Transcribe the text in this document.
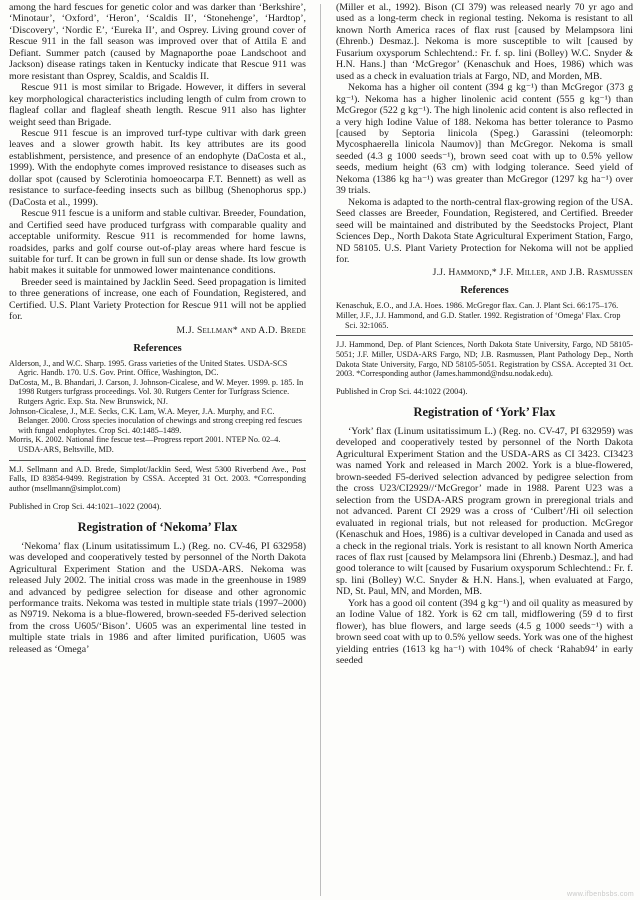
among the hard fescues for genetic color and was darker than ‘Berkshire’, ‘Minotaur’, ‘Oxford’, ‘Heron’, ‘Scaldis II’, ‘Stonehenge’, ‘Hardtop’, ‘Discovery’, ‘Nordic E’, ‘Eureka II’, and Osprey. Living ground cover of Rescue 911 in the fall season was improved over that of Attila E and Defiant. Summer patch (caused by Magnaporthe poae Landschoot and Jackson) disease ratings taken in Kentucky indicate that Rescue 911 was more resistant than Osprey, Scaldis, and Scaldis II.

Rescue 911 is most similar to Brigade. However, it differs in several key morphological characteristics including length of culm from crown to flagleaf collar and flagleaf sheath length. Rescue 911 also has lighter weight seed than Brigade.

Rescue 911 fescue is an improved turf-type cultivar with dark green leaves and a slower growth habit. Its key attributes are its good establishment, persistence, and presence of an endophyte (DaCosta et al., 1999). With the endophyte comes improved resistance to diseases such as dollar spot (caused by Sclerotinia homoeocarpa F.T. Bennett) as well as resistance to surface-feeding insects such as billbug (Shenophorus spp.) (DaCosta et al., 1999).

Rescue 911 fescue is a uniform and stable cultivar. Breeder, Foundation, and Certified seed have produced turfgrass with comparable quality and acceptable uniformity. Rescue 911 is recommended for home lawns, roadsides, parks and golf course out-of-play areas where hard fescue is suitable for turf. It can be grown in full sun or dense shade. Its low growth habit makes it suitable for unmowed lower maintenance conditions.

Breeder seed is maintained by Jacklin Seed. Seed propagation is limited to three generations of increase, one each of Foundation, Registered, and Certified. U.S. Plant Variety Protection for Rescue 911 will not be applied for.

M.J. Sellman* and A.D. Brede
References

Alderson, J., and W.C. Sharp. 1995. Grass varieties of the United States. USDA-SCS Agric. Handb. 170. U.S. Gov. Print. Office, Washington, DC.

DaCosta, M., B. Bhandari, J. Carson, J. Johnson-Cicalese, and W. Meyer. 1999. p. 185. In 1998 Rutgers turfgrass proceedings. Vol. 30. Rutgers Center for Turfgrass Science. Rutgers Agric. Exp. Sta. New Brunswick, NJ.

Johnson-Cicalese, J., M.E. Secks, C.K. Lam, W.A. Meyer, J.A. Murphy, and F.C. Belanger. 2000. Cross species inoculation of chewings and strong creeping red fescues with fungal endophytes. Crop Sci. 40:1485–1489.

Morris, K. 2002. National fine fescue test—Progress report 2001. NTEP No. 02–4. USDA-ARS, Beltsville, MD.

M.J. Sellmann and A.D. Brede, Simplot/Jacklin Seed, West 5300 Riverbend Ave., Post Falls, ID 83854-9499. Registration by CSSA. Accepted 31 Oct. 2003. *Corresponding author (msellmann@simplot.com)

Published in Crop Sci. 44:1021–1022 (2004).

Registration of ‘Nekoma’ Flax

‘Nekoma’ flax (Linum usitatissimum L.) (Reg. no. CV-46, PI 632958) was developed and cooperatively tested by personnel of the North Dakota Agricultural Experiment Station and the USDA-ARS. Nekoma was released July 2002. The initial cross was made in the greenhouse in 1989 and advanced by pedigree selection for disease and other agronomic performance traits. Nekoma was tested in multiple state trials (1997–2000) as N9719. Nekoma is a blue-flowered, brown-seeded F5-derived selection from the cross U605/‘Bison’. U605 was an experimental line tested in multiple state trials in 1986 and after limited purification, U605 was released as ‘Omega’

(Miller et al., 1992). Bison (CI 379) was released nearly 70 yr ago and used as a long-term check in regional testing. Nekoma is resistant to all known North America races of flax rust [caused by Melampsora lini (Ehrenb.) Desmaz.]. Nekoma is more susceptible to wilt [caused by Fusarium oxysporum Schlechtend.: Fr. f. sp. lini (Bolley) W.C. Snyder & H.N. Hans.] than ‘McGregor’ (Kenaschuk and Hoes, 1986) which was used as a check in evaluation trials at Fargo, ND, and Morden, MB.

Nekoma has a higher oil content (394 g kg⁻¹) than McGregor (373 g kg⁻¹). Nekoma has a higher linolenic acid content (555 g kg⁻¹) than McGregor (522 g kg⁻¹). The high linolenic acid content is also reflected in a very high Iodine Value of 188. Nekoma has better tolerance to Pasmo [caused by Septoria linicola (Speg.) Garassini (teleomorph: Mycosphaerella linicola Naumov)] than McGregor. Nekoma is small seeded (4.3 g 1000 seeds⁻¹), brown seed coat with up to 0.5% yellow seeds, medium height (63 cm) with lodging tolerance. Seed yield of Nekoma (1386 kg ha⁻¹) was greater than McGregor (1297 kg ha⁻¹) over 39 trials.

Nekoma is adapted to the north-central flax-growing region of the USA. Seed classes are Breeder, Foundation, Registered, and Certified. Breeder seed will be maintained and distributed by the Seedstocks Project, Plant Sciences Dep., North Dakota State Agricultural Experiment Station, Fargo, ND 58105. U.S. Plant Variety Protection for Nekoma will not be applied for.

J.J. Hammond,* J.F. Miller, and J.B. Rasmussen
References

Kenaschuk, E.O., and J.A. Hoes. 1986. McGregor flax. Can. J. Plant Sci. 66:175–176.

Miller, J.F., J.J. Hammond, and G.D. Statler. 1992. Registration of ‘Omega’ Flax. Crop Sci. 32:1065.

J.J. Hammond, Dep. of Plant Sciences, North Dakota State University, Fargo, ND 58105-5051; J.F. Miller, USDA-ARS Fargo, ND; J.B. Rasmussen, Plant Pathology Dep., North Dakota State University, Fargo, ND 58105-5051. Registration by CSSA. Accepted 31 Oct. 2003. *Corresponding author (James.hammond@ndsu.nodak.edu).

Published in Crop Sci. 44:1022 (2004).

Registration of ‘York’ Flax

‘York’ flax (Linum usitatissimum L.) (Reg. no. CV-47, PI 632959) was developed and cooperatively tested by personnel of the North Dakota Agricultural Experiment Station and the USDA-ARS as CI 3423. CI3423 was named York and released in March 2002. York is a blue-flowered, brown-seeded F5-derived selection advanced by pedigree selection from the cross U23/CI2929//‘McGregor’ made in 1988. Parent U23 was a selection from the USDA-ARS program grown in preregional trials and not advanced. Parent CI 2929 was a cross of ‘Culbert’/Hi oil selection evaluated in regional trials, but not released for production. McGregor (Kenaschuk and Hoes, 1986) is a cultivar developed in Canada and used as a check in the regional trials. York is resistant to all known North America races of flax rust [caused by Melampsora lini (Ehrenb.) Desmaz.], and had good tolerance to wilt [caused by Fusarium oxysporum Schlechtend.: Fr. f. sp. lini (Bolley) W.C. Snyder & H.N. Hans.], when evaluated at Fargo, ND, St. Paul, MN, and Morden, MB.

York has a good oil content (394 g kg⁻¹) and oil quality as measured by an Iodine Value of 182. York is 62 cm tall, midflowering (59 d to first flower), has blue flowers, and large seeds (4.5 g 1000 seeds⁻¹) with a brown seed coat with up to 0.5% yellow seeds. York was one of the highest yielding entries (1613 kg ha⁻¹) with 104% of check ‘Rahab94’ in early seeded

www.ifbenbsbs.com
